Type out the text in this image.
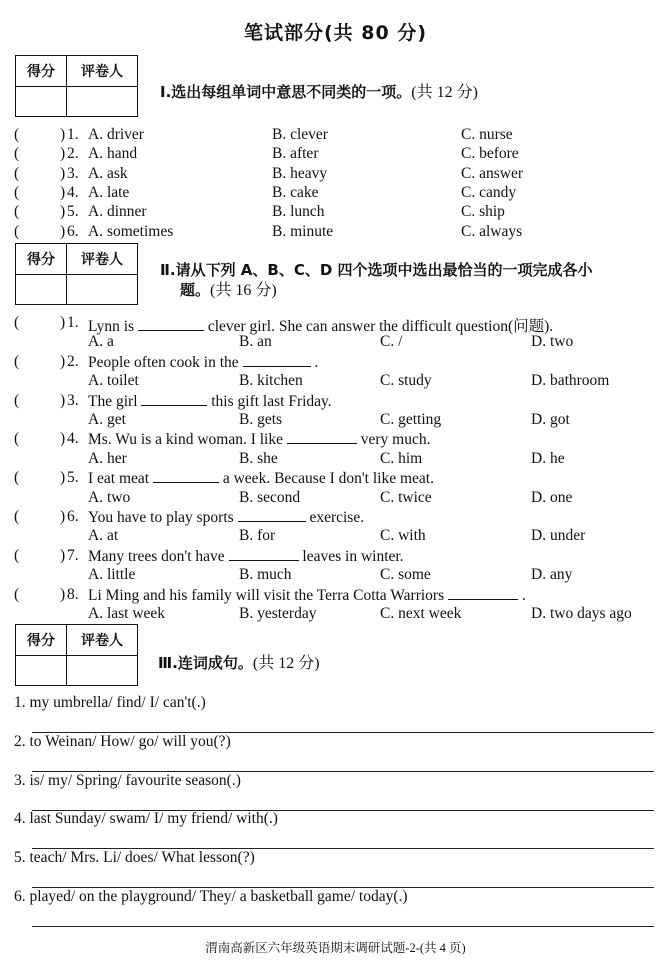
笔试部分(共 80 分)
得分	评卷人
Ⅰ.选出每组单词中意思不同类的一项。(共 12 分)
(	) 1. A. driver	B. clever	C. nurse
(	) 2. A. hand	B. after	C. before
(	) 3. A. ask	B. heavy	C. answer
(	) 4. A. late	B. cake	C. candy
(	) 5. A. dinner	B. lunch	C. ship
(	) 6. A. sometimes	B. minute	C. always
得分	评卷人
Ⅱ.请从下列 A、B、C、D 四个选项中选出最恰当的一项完成各小
题。(共 16 分)
(	) 1. Lynn is	clever girl. She can answer the difficult question(问题).
A. a	B. an	C. /	D. two
(	) 2. People often cook in the	.
A. toilet	B. kitchen	C. study	D. bathroom
(	) 3. The girl	this gift last Friday.
A. get	B. gets	C. getting	D. got
(	) 4. Ms. Wu is a kind woman. I like	very much.
A. her	B. she	C. him	D. he
(	) 5. I eat meat	a week. Because I don't like meat.
A. two	B. second	C. twice	D. one
(	) 6. You have to play sports	exercise.
A. at	B. for	C. with	D. under
(	) 7. Many trees don't have	leaves in winter.
A. little	B. much	C. some	D. any
(	) 8. Li Ming and his family will visit the Terra Cotta Warriors	.
A. last week	B. yesterday	C. next week	D. two days ago
得分	评卷人
Ⅲ.连词成句。(共 12 分)
1. my umbrella/ find/ I/ can't(.)
2. to Weinan/ How/ go/ will you(?)
3. is/ my/ Spring/ favourite season(.)
4. last Sunday/ swam/ I/ my friend/ with(.)
5. teach/ Mrs. Li/ does/ What lesson(?)
6. played/ on the playground/ They/ a basketball game/ today(.)
渭南高新区六年级英语期末调研试题-2-(共 4 页)
